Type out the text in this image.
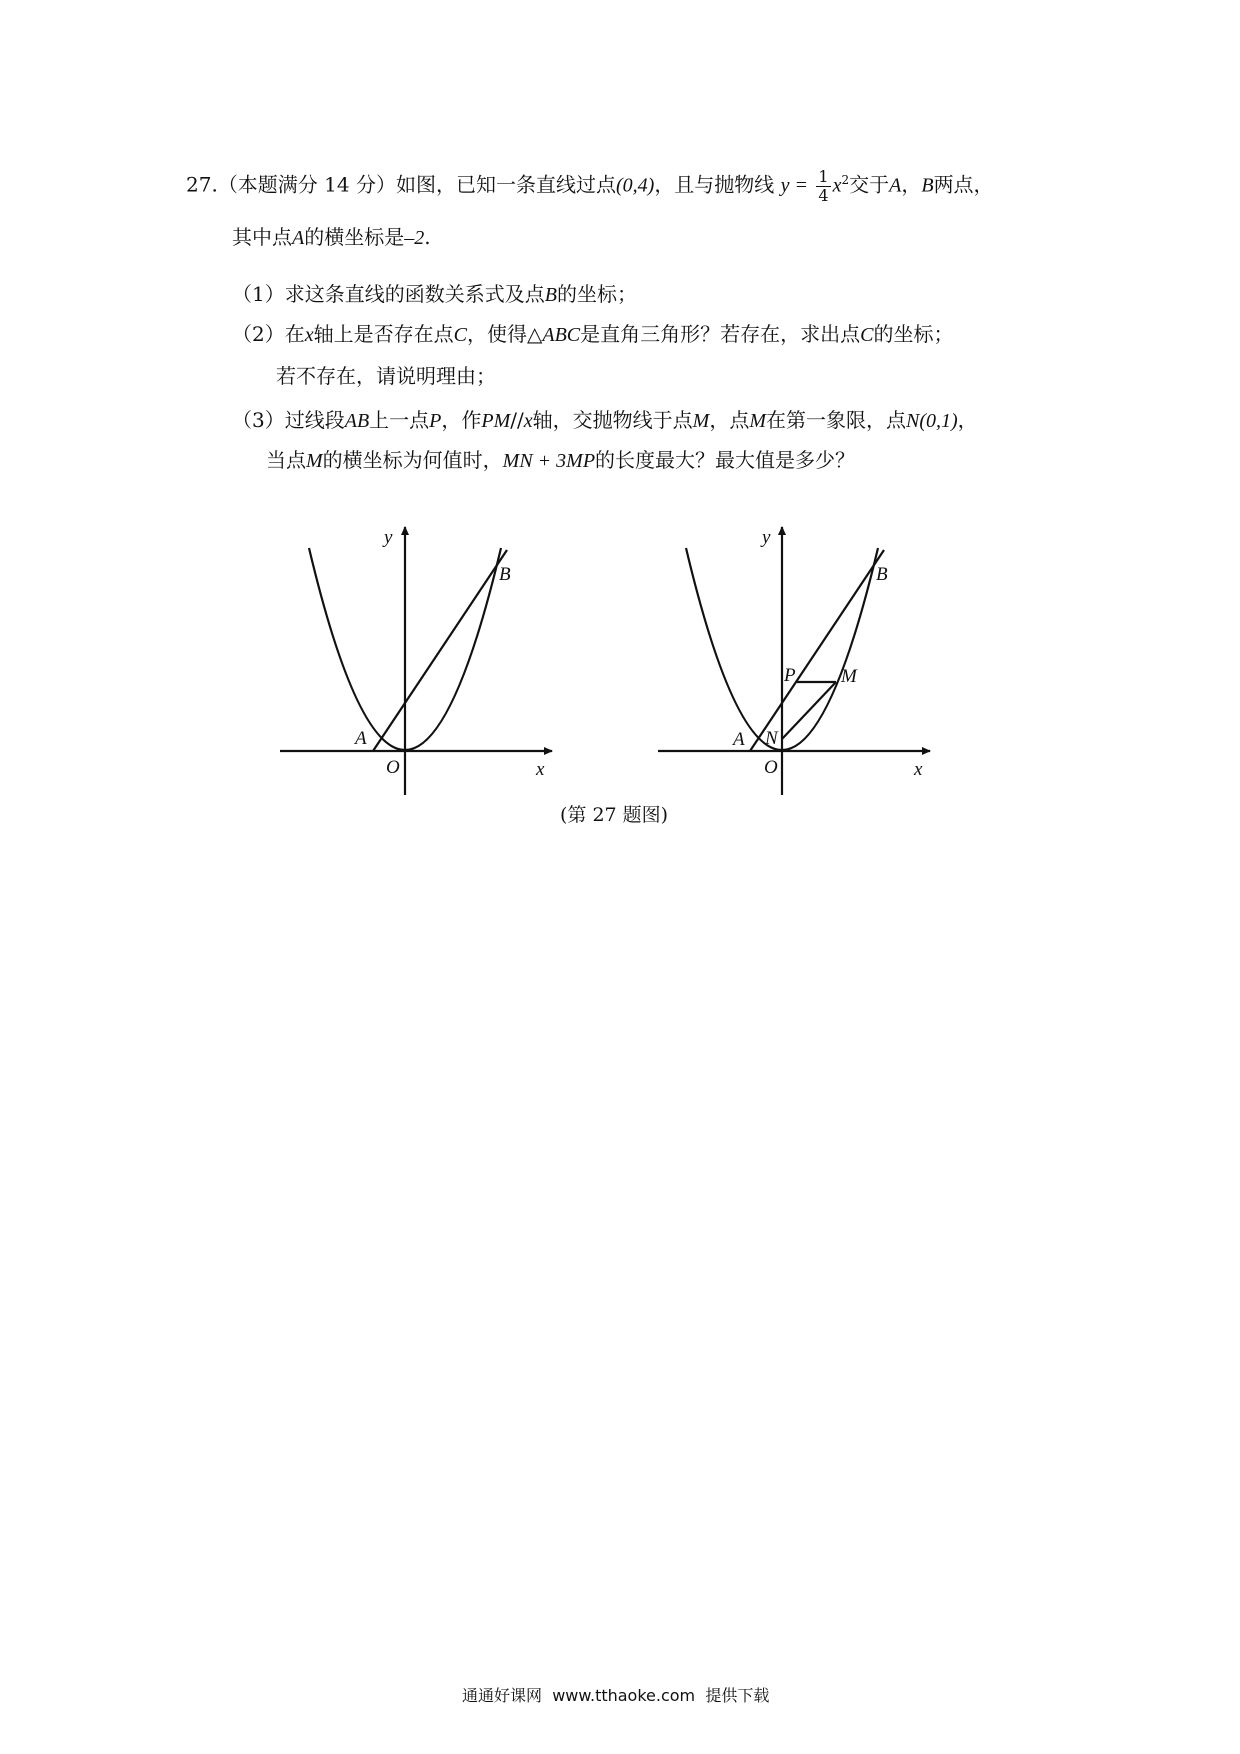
27.（本题满分 14 分）如图，已知一条直线过点(0,4)，且与抛物线 $y = \frac{1}{4} x^2$交于A，B两点，
其中点A的横坐标是–2.
（1）求这条直线的函数关系式及点B的坐标；
（2）在x轴上是否存在点C，使得△ABC是直角三角形？若存在，求出点C的坐标；
若不存在，请说明理由；
（3）过线段AB上一点P，作PM//x轴，交抛物线于点M，点M在第一象限，点N(0,1)，
当点M的横坐标为何值时，MN + 3MP的长度最大？最大值是多少？
y
x
O
A
B
y
x
O
A
B
P M
N
(第 27 题图)
通通好课网 www.tthaoke.com 提供下载
